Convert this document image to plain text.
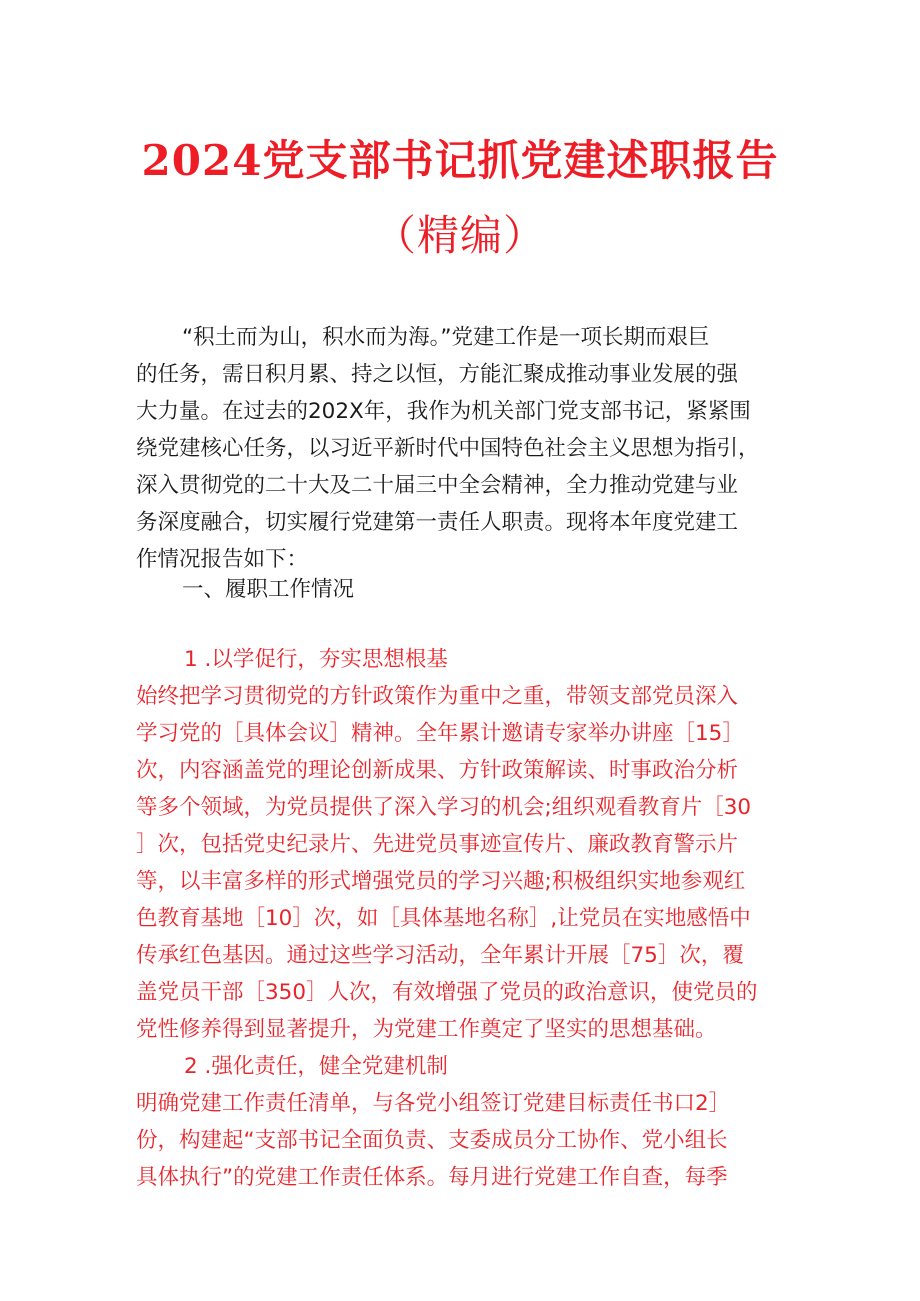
2024党支部书记抓党建述职报告
（精编）

“积土而为山，积水而为海。”党建工作是一项长期而艰巨

的任务，需日积月累、持之以恒，方能汇聚成推动事业发展的强

大力量。在过去的202X年，我作为机关部门党支部书记，紧紧围

绕党建核心任务，以习近平新时代中国特色社会主义思想为指引，

深入贯彻党的二十大及二十届三中全会精神，全力推动党建与业

务深度融合，切实履行党建第一责任人职责。现将本年度党建工

作情况报告如下：

一、履职工作情况

1 .以学促行，夯实思想根基

始终把学习贯彻党的方针政策作为重中之重，带领支部党员深入

学习党的［具体会议］精神。全年累计邀请专家举办讲座［15］

次，内容涵盖党的理论创新成果、方针政策解读、时事政治分析

等多个领域，为党员提供了深入学习的机会;组织观看教育片［30

］次，包括党史纪录片、先进党员事迹宣传片、廉政教育警示片

等，以丰富多样的形式增强党员的学习兴趣;积极组织实地参观红

色教育基地［10］次，如［具体基地名称］,让党员在实地感悟中

传承红色基因。通过这些学习活动，全年累计开展［75］次，覆

盖党员干部［350］人次，有效增强了党员的政治意识，使党员的

党性修养得到显著提升，为党建工作奠定了坚实的思想基础。

2 .强化责任，健全党建机制

明确党建工作责任清单，与各党小组签订党建目标责任书口2］

份，构建起“支部书记全面负责、支委成员分工协作、党小组长

具体执行”的党建工作责任体系。每月进行党建工作自查，每季
